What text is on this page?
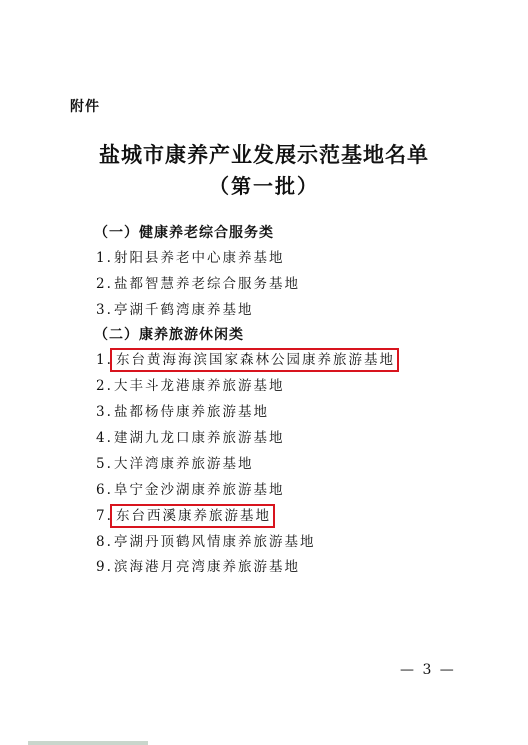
附件
盐城市康养产业发展示范基地名单
（第一批）
（一）健康养老综合服务类
1.射阳县养老中心康养基地
2.盐都智慧养老综合服务基地
3.亭湖千鹤湾康养基地
（二）康养旅游休闲类
1. 东台黄海海滨国家森林公园康养旅游基地
2.大丰斗龙港康养旅游基地
3.盐都杨侍康养旅游基地
4.建湖九龙口康养旅游基地
5.大洋湾康养旅游基地
6.阜宁金沙湖康养旅游基地
7. 东台西溪康养旅游基地
8.亭湖丹顶鹤风情康养旅游基地
9.滨海港月亮湾康养旅游基地
— 3 —
